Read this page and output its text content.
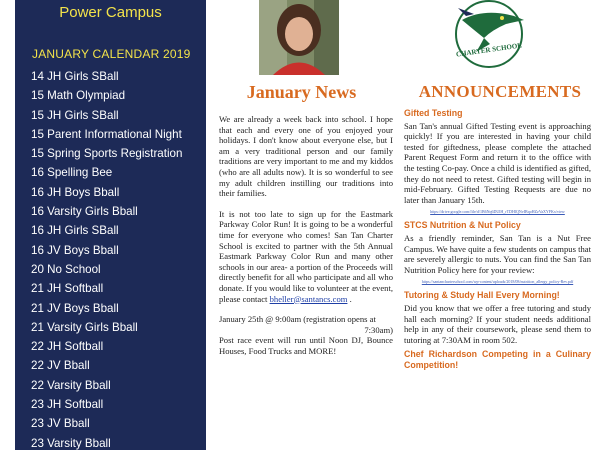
Power Campus
JANUARY CALENDAR 2019
14 JH Girls SBall
15 Math Olympiad
15 JH Girls SBall
15 Parent Informational Night
15 Spring Sports Registration
16 Spelling Bee
16 JH Boys Bball
16 Varsity Girls Bball
16 JH Girls SBall
16 JV Boys Bball
20 No School
21 JH Softball
21 JV Boys Bball
21 Varsity Girls Bball
22 JH Softball
22 JV Bball
22 Varsity Bball
23 JH Softball
23 JV Bball
23 Varsity Bball
24 District Spelling Bee
January News

We are already a week back into school. I hope that each and every one of you enjoyed your holidays. I don't know about everyone else, but I am a very traditional person and our family traditions are very important to me and my kiddos (who are all adults now). It is so wonderful to see my adult children instilling our traditions into their families.

It is not too late to sign up for the Eastmark Parkway Color Run! It is going to be a wonderful time for everyone who comes! San Tan Charter School is excited to partner with the 5th Annual Eastmark Parkway Color Run and many other schools in our area- a portion of the Proceeds will directly benefit for all who participate and all who donate. If you would like to volunteer at the event, please contact bheller@santancs.com .

January 25th @ 9:00am (registration opens at
7:30am)

Post race event will run until Noon DJ, Bounce Houses, Food Trucks and MORE!

CHARTER SCHOOL
ANNOUNCEMENTS
Gifted Testing

San Tan's annual Gifted Testing event is approaching quickly! If you are interested in having your child tested for giftedness, please complete the attached Parent Request Form and return it to the office with the testing Co-pay. Once a child is identified as gifted, they do not need to retest. Gifted testing will begin in mid-February. Gifted Testing Requests are due no later than January 15th.

https://drive.google.com/file/d/1B6Nq6DUlH_rTDHlQNvIBqoHZzVaXYFKx/view
STCS Nutrition & Nut Policy

As a friendly reminder, San Tan is a Nut Free Campus. We have quite a few students on campus that are severely allergic to nuts. You can find the San Tan Nutrition Policy here for your review:

https://santancharterschool.com/wp-content/uploads/2018/08/nutrition_allergy_policy-Rev.pdf
Tutoring & Study Hall Every Morning!

Did you know that we offer a free tutoring and study hall each morning? If your student needs additional help in any of their coursework, please send them to tutoring at 7:30AM in room 502.

Chef Richardson Competing in a Culinary Competition!
